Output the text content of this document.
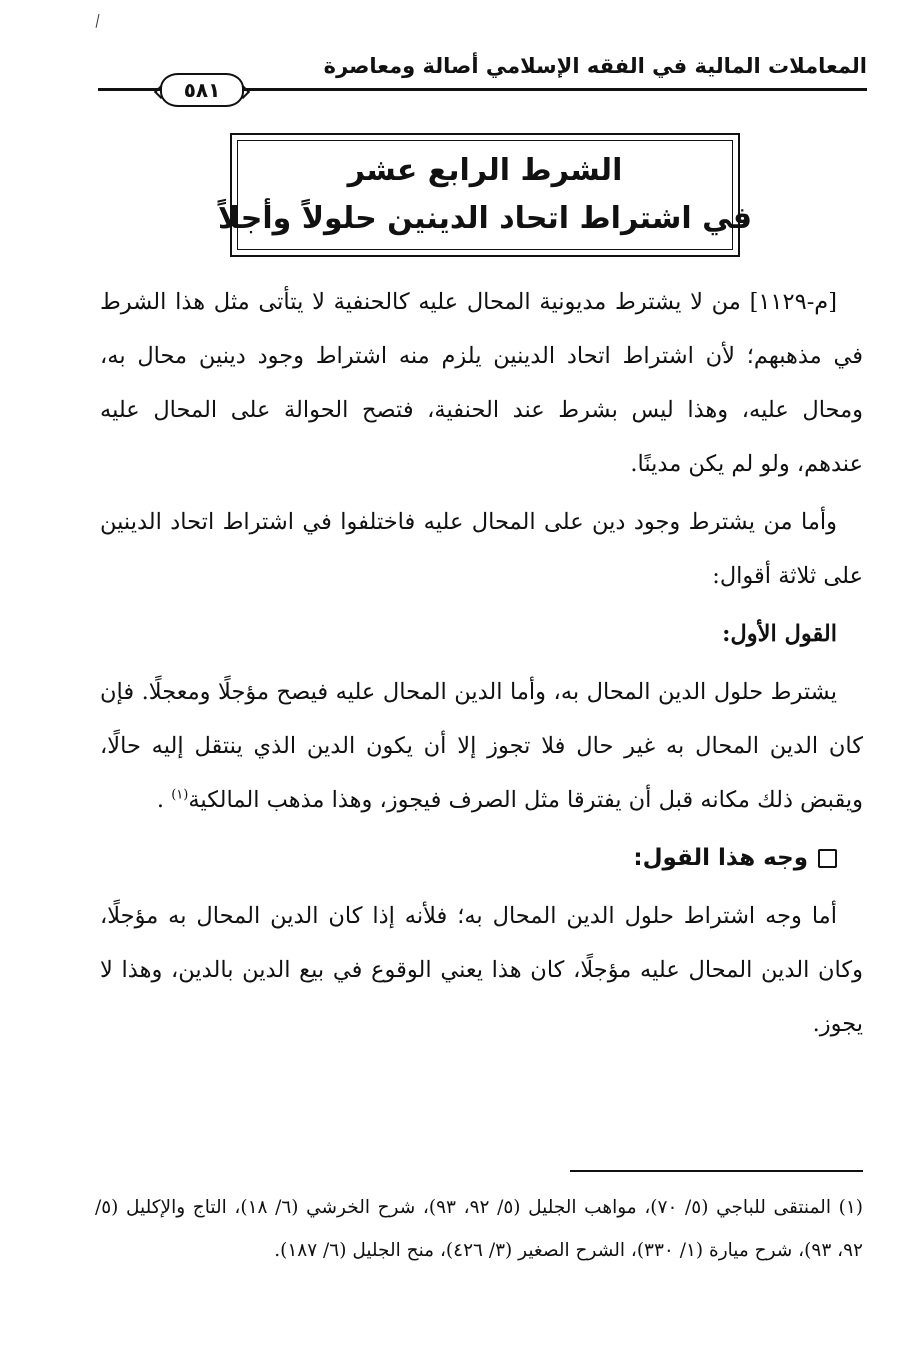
المعاملات المالية في الفقه الإسلامي أصالة ومعاصرة
٥٨١
الشرط الرابع عشر
في اشتراط اتحاد الدينين حلولاً وأجلاً

[م-١١٢٩] من لا يشترط مديونية المحال عليه كالحنفية لا يتأتى مثل هذا الشرط في مذهبهم؛ لأن اشتراط اتحاد الدينين يلزم منه اشتراط وجود دينين محال به، ومحال عليه، وهذا ليس بشرط عند الحنفية، فتصح الحوالة على المحال عليه عندهم، ولو لم يكن مدينًا.

وأما من يشترط وجود دين على المحال عليه فاختلفوا في اشتراط اتحاد الدينين على ثلاثة أقوال:

القول الأول:

يشترط حلول الدين المحال به، وأما الدين المحال عليه فيصح مؤجلًا ومعجلًا. فإن كان الدين المحال به غير حال فلا تجوز إلا أن يكون الدين الذي ينتقل إليه حالًا، ويقبض ذلك مكانه قبل أن يفترقا مثل الصرف فيجوز، وهذا مذهب المالكية$^{(١)}$ .

وجه هذا القول:

أما وجه اشتراط حلول الدين المحال به؛ فلأنه إذا كان الدين المحال به مؤجلًا، وكان الدين المحال عليه مؤجلًا، كان هذا يعني الوقوع في بيع الدين بالدين، وهذا لا يجوز.

(١) المنتقى للباجي (٥/ ٧٠)، مواهب الجليل (٥/ ٩٢، ٩٣)، شرح الخرشي (٦/ ١٨)، التاج والإكليل (٥/ ٩٢، ٩٣)، شرح ميارة (١/ ٣٣٠)، الشرح الصغير (٣/ ٤٢٦)، منح الجليل (٦/ ١٨٧).
